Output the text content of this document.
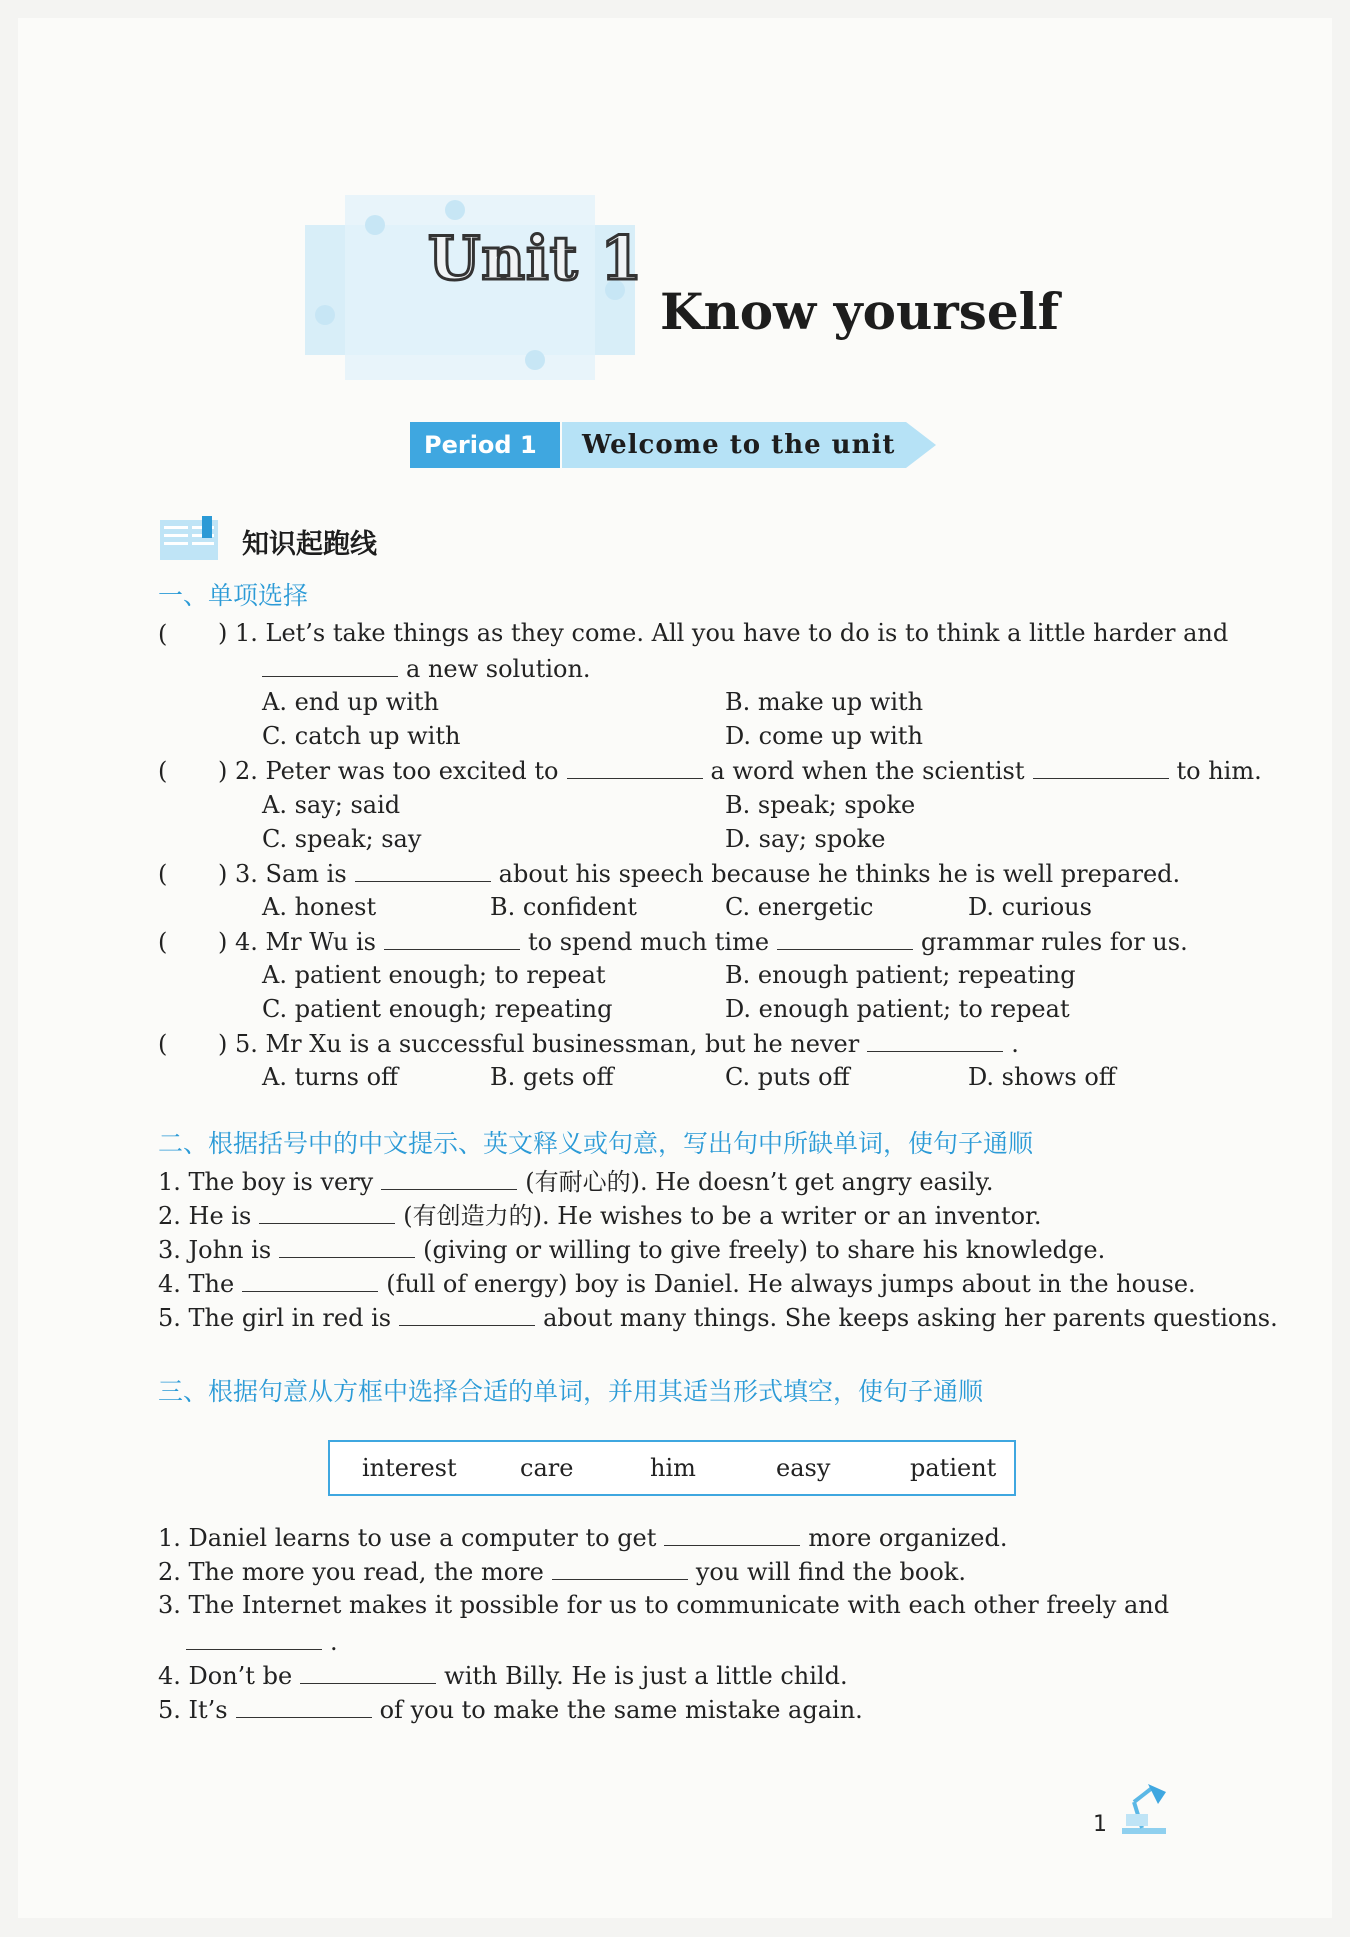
Unit 1
Know yourself
Period 1	Welcome to the unit
知识起跑线
一、单项选择
( ) 1. Let’s take things as they come. All you have to do is to think a little harder and
a new solution.
A. end up with	B. make up with
C. catch up with	D. come up with
( ) 2. Peter was too excited to	a word when the scientist	to him.
A. say; said	B. speak; spoke
C. speak; say	D. say; spoke
( ) 3. Sam is	about his speech because he thinks he is well prepared.
A. honest	B. confident	C. energetic	D. curious
( ) 4. Mr Wu is	to spend much time	grammar rules for us.
A. patient enough; to repeat	B. enough patient; repeating
C. patient enough; repeating	D. enough patient; to repeat
( ) 5. Mr Xu is a successful businessman, but he never	.
A. turns off	B. gets off	C. puts off	D. shows off
二、根据括号中的中文提示、英文释义或句意，写出句中所缺单词，使句子通顺
1. The boy is very	(有耐心的). He doesn’t get angry easily.
2. He is	(有创造力的). He wishes to be a writer or an inventor.
3. John is	(giving or willing to give freely) to share his knowledge.
4. The	(full of energy) boy is Daniel. He always jumps about in the house.
5. The girl in red is	about many things. She keeps asking her parents questions.
三、根据句意从方框中选择合适的单词，并用其适当形式填空，使句子通顺
interest	care	him	easy	patient
1. Daniel learns to use a computer to get	more organized.
2. The more you read, the more	you will find the book.
3. The Internet makes it possible for us to communicate with each other freely and
.
4. Don’t be	with Billy. He is just a little child.
5. It’s	of you to make the same mistake again.
1
